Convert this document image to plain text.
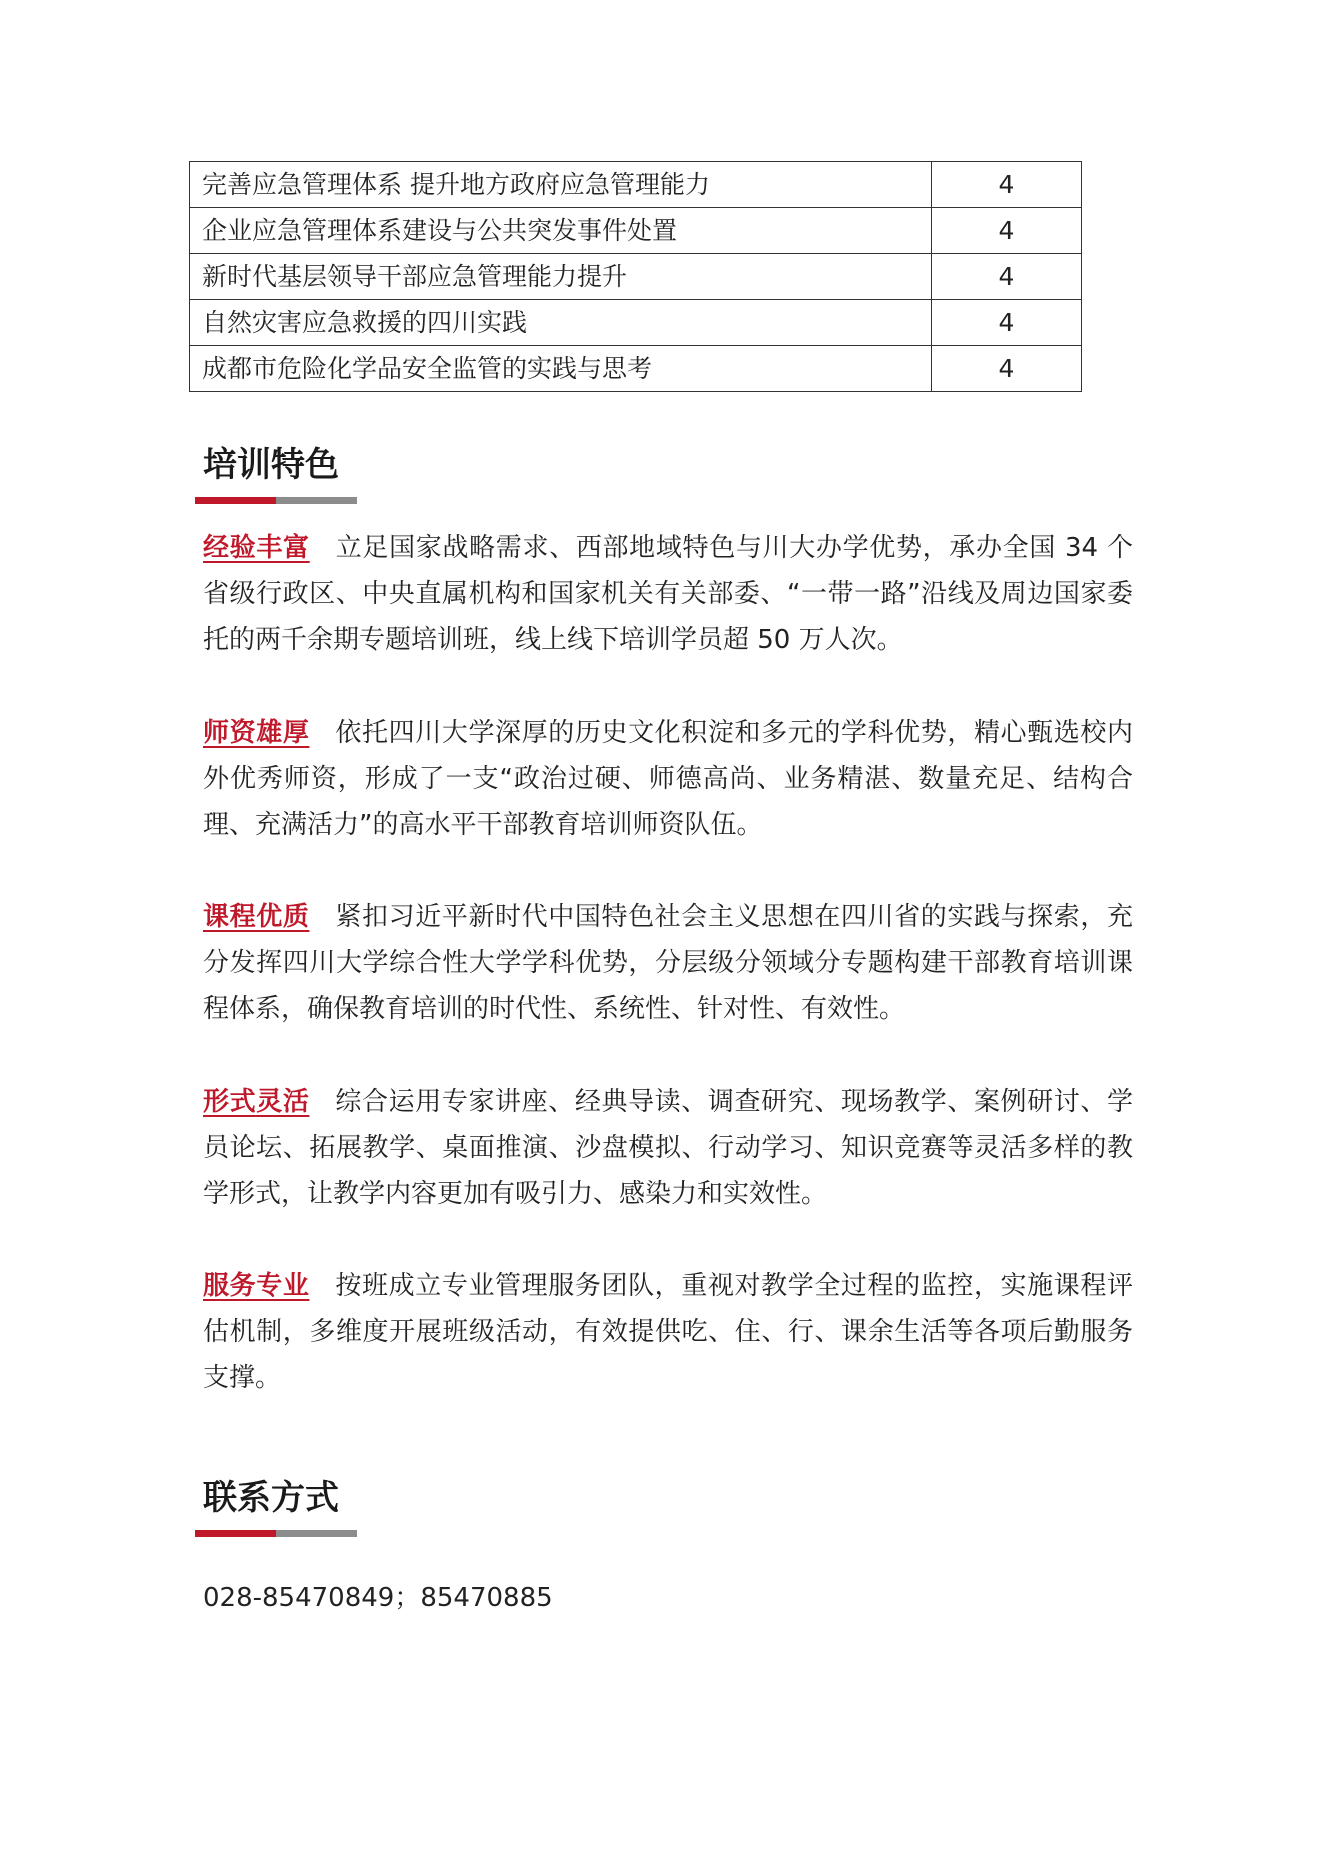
完善应急管理体系 提升地方政府应急管理能力	4
企业应急管理体系建设与公共突发事件处置	4
新时代基层领导干部应急管理能力提升	4
自然灾害应急救援的四川实践	4
成都市危险化学品安全监管的实践与思考	4
培训特色

经验丰富 立足国家战略需求、西部地域特色与川大办学优势，承办全国 34 个省级行政区、中央直属机构和国家机关有关部委、“一带一路”沿线及周边国家委托的两千余期专题培训班，线上线下培训学员超 50 万人次。

师资雄厚 依托四川大学深厚的历史文化积淀和多元的学科优势，精心甄选校内外优秀师资，形成了一支“政治过硬、师德高尚、业务精湛、数量充足、结构合理、充满活力”的高水平干部教育培训师资队伍。

课程优质 紧扣习近平新时代中国特色社会主义思想在四川省的实践与探索，充分发挥四川大学综合性大学学科优势，分层级分领域分专题构建干部教育培训课程体系，确保教育培训的时代性、系统性、针对性、有效性。

形式灵活 综合运用专家讲座、经典导读、调查研究、现场教学、案例研讨、学员论坛、拓展教学、桌面推演、沙盘模拟、行动学习、知识竞赛等灵活多样的教学形式，让教学内容更加有吸引力、感染力和实效性。

服务专业 按班成立专业管理服务团队，重视对教学全过程的监控，实施课程评估机制，多维度开展班级活动，有效提供吃、住、行、课余生活等各项后勤服务支撑。

联系方式

028-85470849；85470885
